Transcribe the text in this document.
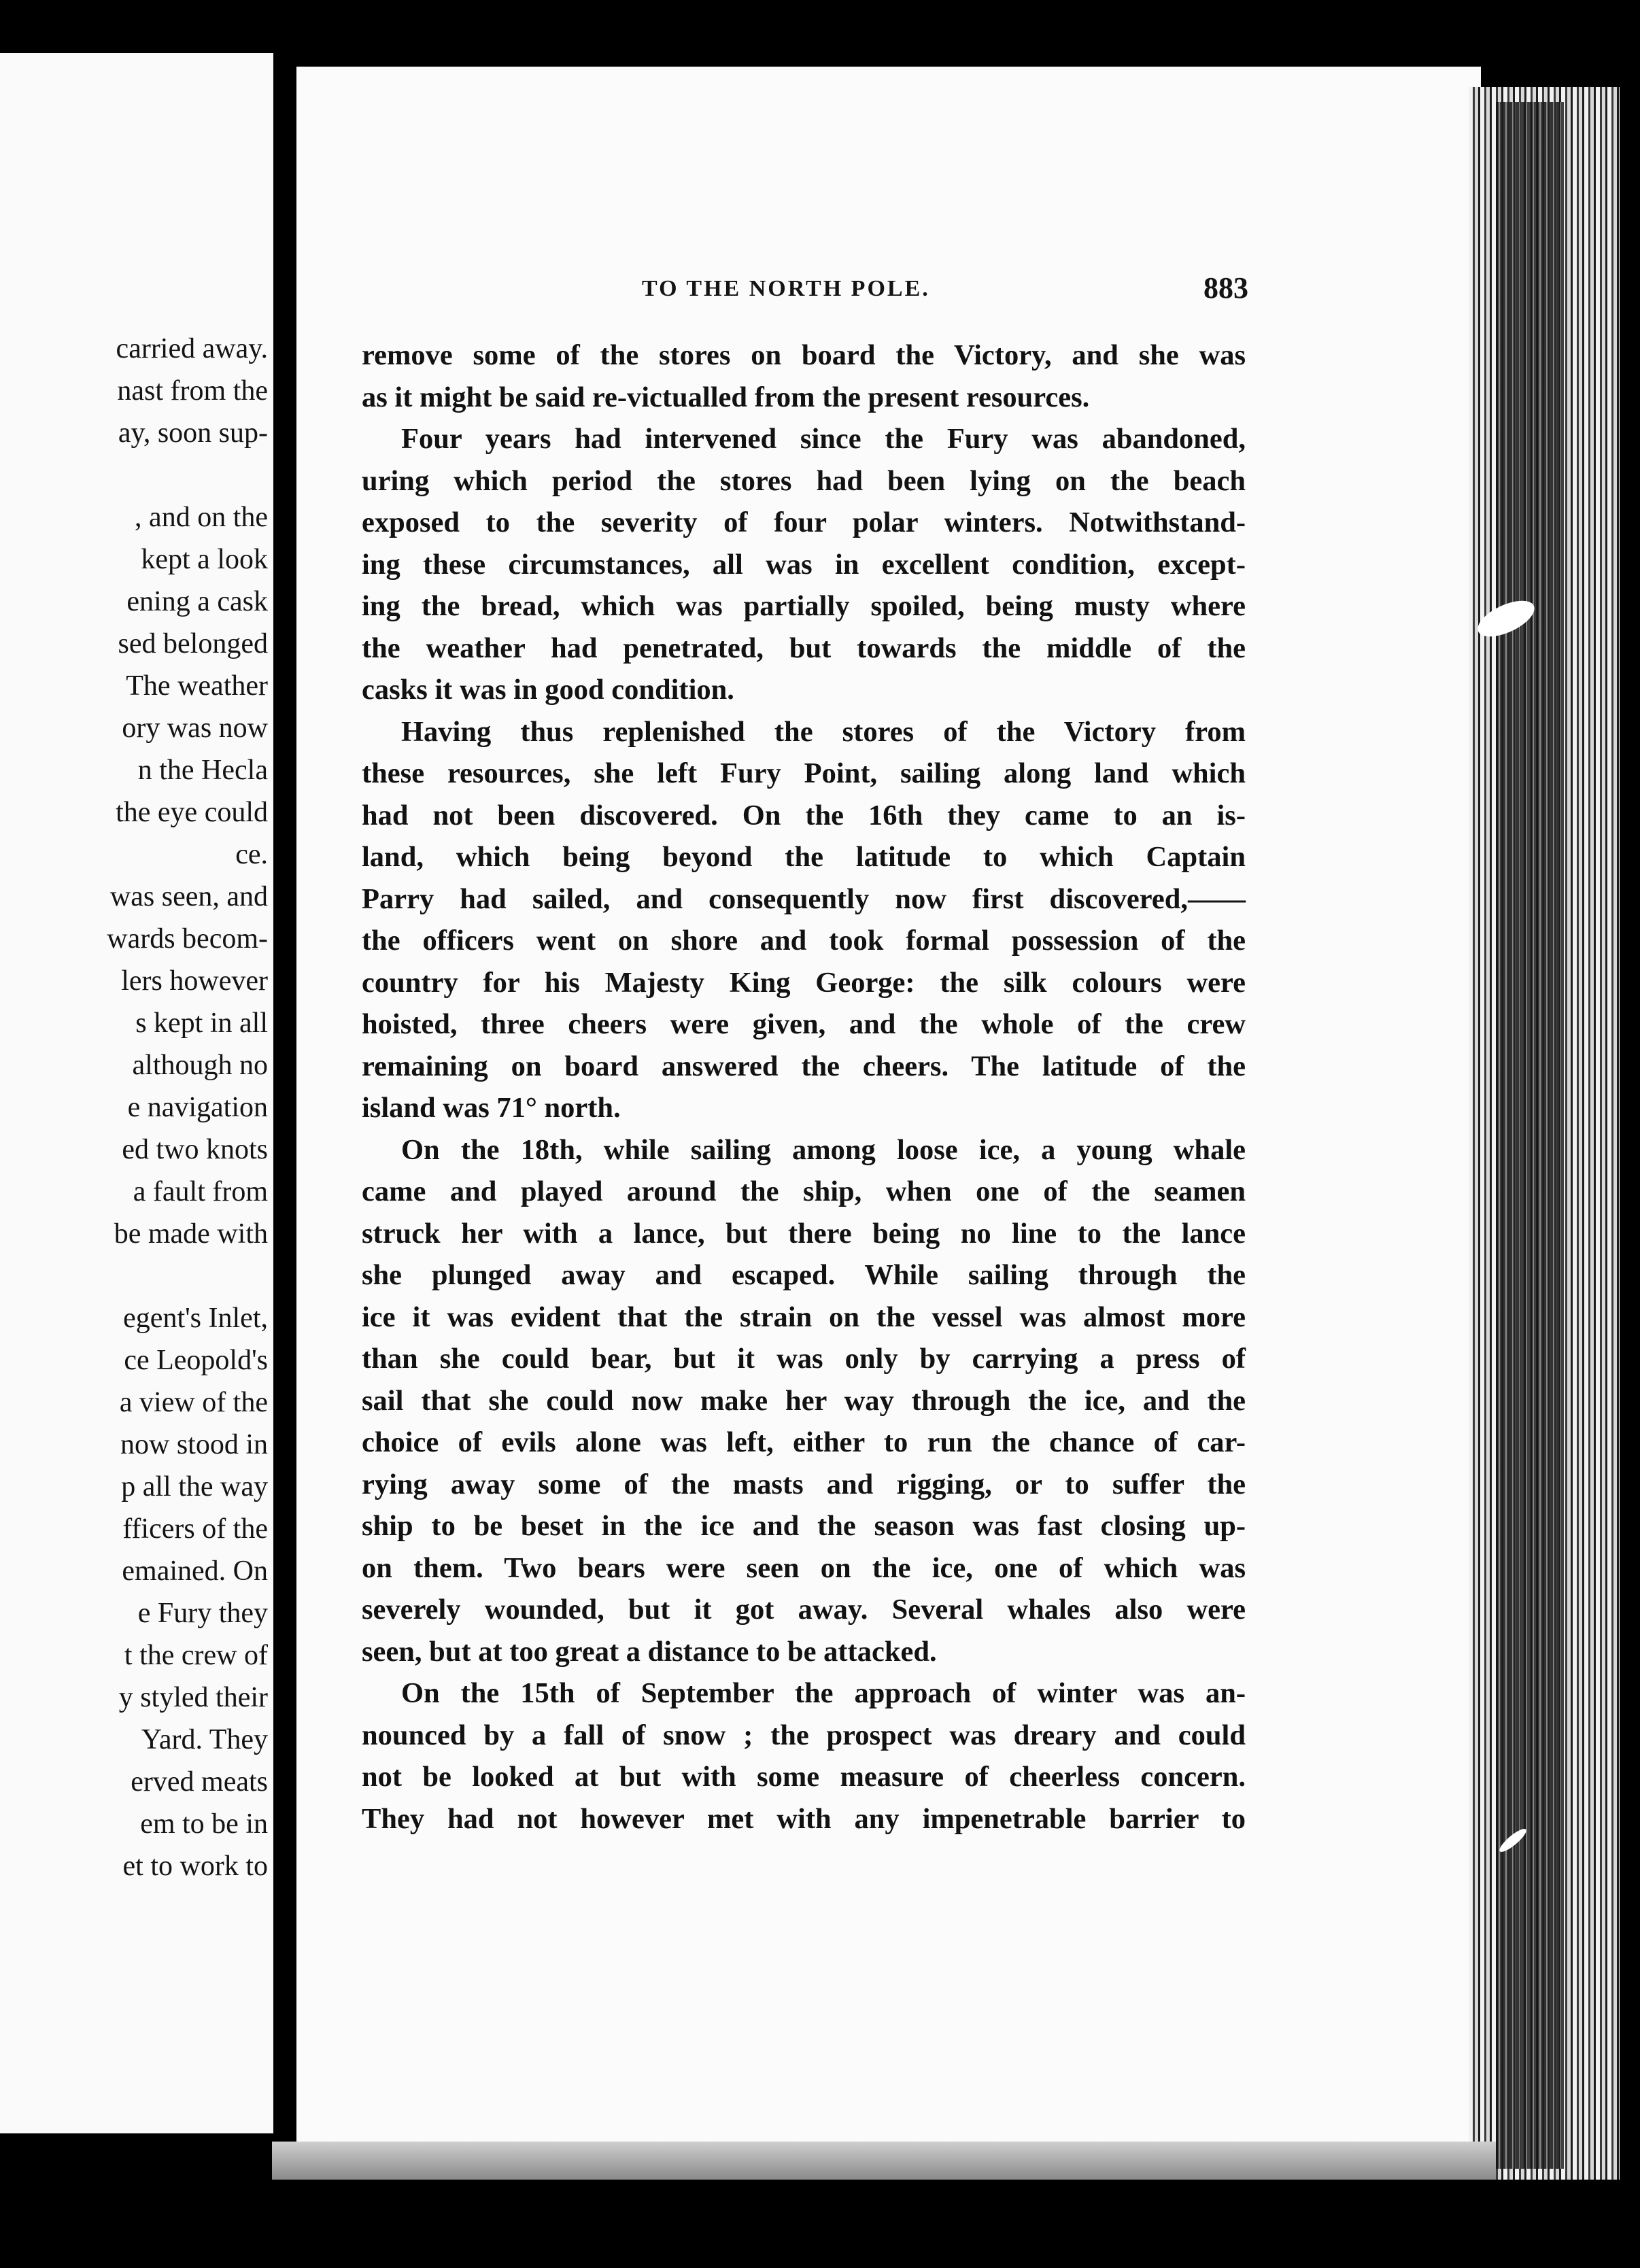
carried away.
nast from the
ay, soon sup-
, and on the
kept a look
ening a cask
sed belonged
The weather
ory was now
n the Hecla
the eye could
ce.
was seen, and
wards becom-
lers however
s kept in all
although no
e navigation
ed two knots
a fault from
be made with
egent's Inlet,
ce Leopold's
a view of the
now stood in
p all the way
fficers of the
emained. On
e Fury they
t the crew of
y styled their
Yard. They
erved meats
em to be in
et to work to
TO THE NORTH POLE.	883
remove some of the stores on board the Victory, and she was
as it might be said re-victualled from the present resources.
Four years had intervened since the Fury was abandoned,
uring which period the stores had been lying on the beach
exposed to the severity of four polar winters. Notwithstand-
ing these circumstances, all was in excellent condition, except-
ing the bread, which was partially spoiled, being musty where
the weather had penetrated, but towards the middle of the
casks it was in good condition.
Having thus replenished the stores of the Victory from
these resources, she left Fury Point, sailing along land which
had not been discovered. On the 16th they came to an is-
land, which being beyond the latitude to which Captain
Parry had sailed, and consequently now first discovered,——
the officers went on shore and took formal possession of the
country for his Majesty King George: the silk colours were
hoisted, three cheers were given, and the whole of the crew
remaining on board answered the cheers. The latitude of the
island was 71° north.
On the 18th, while sailing among loose ice, a young whale
came and played around the ship, when one of the seamen
struck her with a lance, but there being no line to the lance
she plunged away and escaped. While sailing through the
ice it was evident that the strain on the vessel was almost more
than she could bear, but it was only by carrying a press of
sail that she could now make her way through the ice, and the
choice of evils alone was left, either to run the chance of car-
rying away some of the masts and rigging, or to suffer the
ship to be beset in the ice and the season was fast closing up-
on them. Two bears were seen on the ice, one of which was
severely wounded, but it got away. Several whales also were
seen, but at too great a distance to be attacked.
On the 15th of September the approach of winter was an-
nounced by a fall of snow ; the prospect was dreary and could
not be looked at but with some measure of cheerless concern.
They had not however met with any impenetrable barrier to
